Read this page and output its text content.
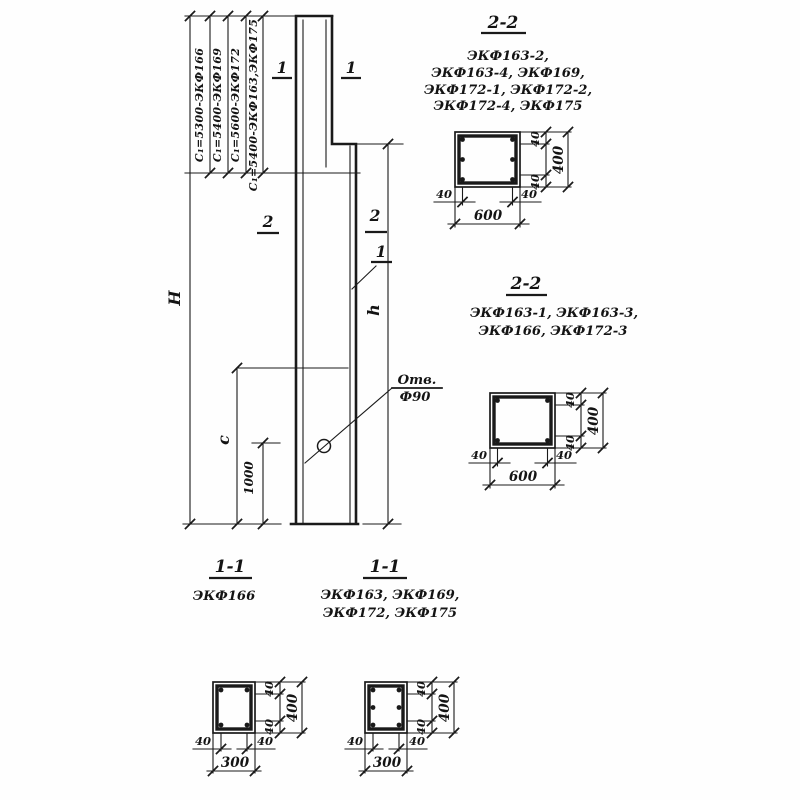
С₁=5300-ЭКФ166 С₁=5400-ЭКФ169 С₁=5600-ЭКФ172 С₁=5400-ЭКФ163,ЭКФ175
H
h
c
1000
1	1
2	2
1
Отв.
Ф90
2-2
ЭКФ163-2,
ЭКФ163-4, ЭКФ169,
ЭКФ172-1, ЭКФ172-2,
ЭКФ172-4, ЭКФ175
40
40
400
40	40
600
2-2
ЭКФ163-1, ЭКФ163-3,
ЭКФ166, ЭКФ172-3
40
40
400
40	40
600
1-1
ЭКФ166
40
40
400
40	40
300
1-1
ЭКФ163, ЭКФ169,
ЭКФ172, ЭКФ175
40
40
400
40	40
300
